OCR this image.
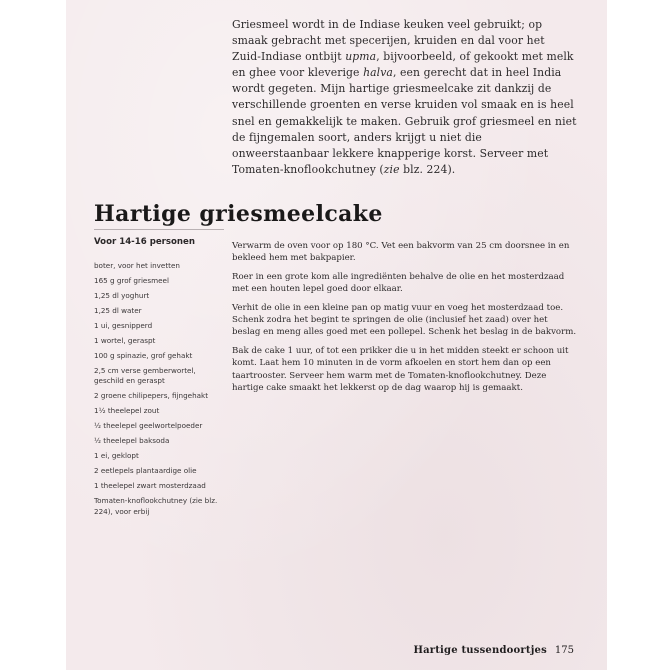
Griesmeel wordt in de Indiase keuken veel gebruikt; op smaak gebracht met specerijen, kruiden en dal voor het Zuid-Indiase ontbijt upma, bijvoorbeeld, of gekookt met melk en ghee voor kleverige halva, een gerecht dat in heel India wordt gegeten. Mijn hartige griesmeelcake zit dankzij de verschillende groenten en verse kruiden vol smaak en is heel snel en gemakkelijk te maken. Gebruik grof griesmeel en niet de fijngemalen soort, anders krijgt u niet die onweerstaanbaar lekkere knapperige korst. Serveer met Tomaten-knoflookchutney (zie blz. 224).

Hartige griesmeelcake
Voor 14-16 personen
boter, voor het invetten
165 g grof griesmeel
1,25 dl yoghurt
1,25 dl water
1 ui, gesnipperd
1 wortel, geraspt
100 g spinazie, grof gehakt
2,5 cm verse gemberwortel, geschild en geraspt
2 groene chilipepers, fijngehakt
1½ theelepel zout
½ theelepel geelwortelpoeder
½ theelepel baksoda
1 ei, geklopt
2 eetlepels plantaardige olie
1 theelepel zwart mosterdzaad
Tomaten-knoflookchutney (zie blz. 224), voor erbij

Verwarm de oven voor op 180 °C. Vet een bakvorm van 25 cm doorsnee in en bekleed hem met bakpapier.

Roer in een grote kom alle ingrediënten behalve de olie en het mosterdzaad met een houten lepel goed door elkaar.

Verhit de olie in een kleine pan op matig vuur en voeg het mosterdzaad toe. Schenk zodra het begint te springen de olie (inclusief het zaad) over het beslag en meng alles goed met een pollepel. Schenk het beslag in de bakvorm.

Bak de cake 1 uur, of tot een prikker die u in het midden steekt er schoon uit komt. Laat hem 10 minuten in de vorm afkoelen en stort hem dan op een taartrooster. Serveer hem warm met de Tomaten-knoflookchutney. Deze hartige cake smaakt het lekkerst op de dag waarop hij is gemaakt.

Hartige tussendoortjes 175
